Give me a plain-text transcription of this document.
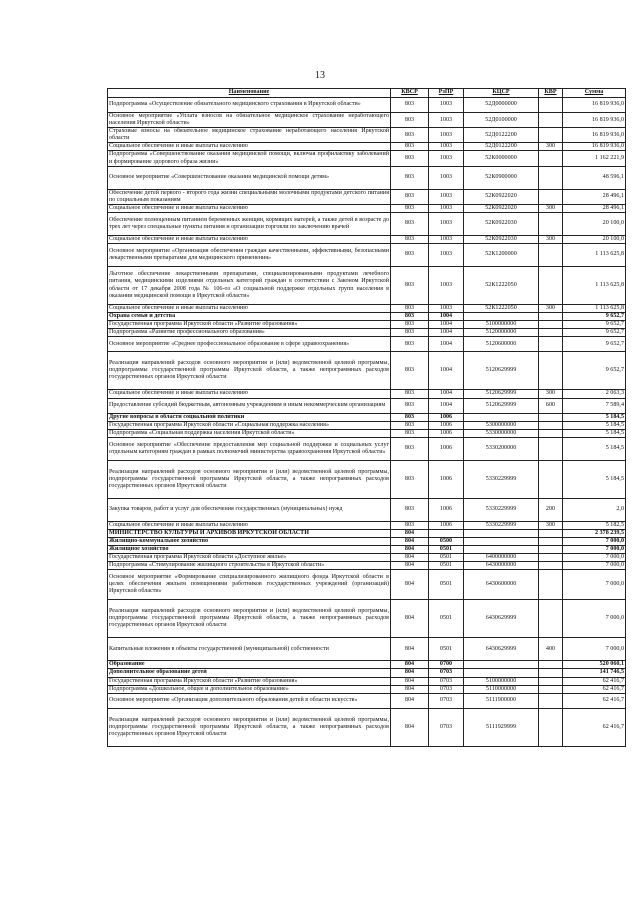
13
Наименование	КВСР	РзПР	КЦСР	КВР	Сумма
Подпрограмма «Осуществление обязательного медицинского страхования в Иркутской области»	803	1003	52Д0000000		16 819 936,0
Основное мероприятие «Уплата взносов на обязательное медицинское страхование неработающего населения Иркутской области»	803	1003	52Д0100000		16 819 936,0
Страховые взносы на обязательное медицинское страхование неработающего населения Иркутской области	803	1003	52Д0122200		16 819 936,0
Социальное обеспечение и иные выплаты населению	803	1003	52Д0122200	300	16 819 936,0
Подпрограмма «Совершенствование оказания медицинской помощи, включая профилактику заболеваний и формирование здорового образа жизни»	803	1003	52К0000000		1 162 221,9
Основное мероприятие «Совершенствование оказания медицинской помощи детям»	803	1003	52К0900000		48 596,1
Обеспечение детей первого - второго года жизни специальными молочными продуктами детского питания по социальным показаниям	803	1003	52К0922020		28 496,1
Социальное обеспечение и иные выплаты населению	803	1003	52К0922020	300	28 496,1
Обеспечение полноценным питанием беременных женщин, кормящих матерей, а также детей в возрасте до трех лет через специальные пункты питания и организации торговли по заключению врачей	803	1003	52К0922030		20 100,0
Социальное обеспечение и иные выплаты населению	803	1003	52К0922030	300	20 100,0
Основное мероприятие «Организация обеспечения граждан качественными, эффективными, безопасными лекарственными препаратами для медицинского применения»	803	1003	52К1200000		1 113 625,8
Льготное обеспечение лекарственными препаратами, специализированными продуктами лечебного питания, медицинскими изделиями отдельных категорий граждан в соответствии с Законом Иркутской области от 17 декабря 2008 года № 106-оз «О социальной поддержке отдельных групп населения в оказании медицинской помощи в Иркутской области»	803	1003	52К1222050		1 113 625,8
Социальное обеспечение и иные выплаты населению	803	1003	52К1222050	300	1 113 625,8
Охрана семьи и детства	803	1004			9 652,7
Государственная программа Иркутской области «Развитие образования»	803	1004	5100000000		9 652,7
Подпрограмма «Развитие профессионального образования»	803	1004	5120000000		9 652,7
Основное мероприятие «Среднее профессиональное образование в сфере здравоохранения»	803	1004	5120600000		9 652,7
Реализация направлений расходов основного мероприятия и (или) ведомственной целевой программы, подпрограммы государственной программы Иркутской области, а также непрограммных расходов государственных органов Иркутской области	803	1004	5120629999		9 652,7
Социальное обеспечение и иные выплаты населению	803	1004	5120629999	300	2 063,3
Предоставление субсидий бюджетным, автономным учреждениям и иным некоммерческим организациям	803	1004	5120629999	600	7 589,4
Другие вопросы в области социальной политики	803	1006			5 184,5
Государственная программа Иркутской области «Социальная поддержка населения»	803	1006	5300000000		5 184,5
Подпрограмма «Социальная поддержка населения Иркутской области»	803	1006	5330000000		5 184,5
Основное мероприятие «Обеспечение предоставления мер социальной поддержки и социальных услуг отдельным категориям граждан в рамках полномочий министерства здравоохранения Иркутской области»	803	1006	5330200000		5 184,5
Реализация направлений расходов основного мероприятия и (или) ведомственной целевой программы, подпрограммы государственной программы Иркутской области, а также непрограммных расходов государственных органов Иркутской области	803	1006	5330229999		5 184,5
Закупка товаров, работ и услуг для обеспечения государственных (муниципальных) нужд	803	1006	5330229999	200	2,0
Социальное обеспечение и иные выплаты населению	803	1006	5330229999	300	5 182,5
МИНИСТЕРСТВО КУЛЬТУРЫ И АРХИВОВ ИРКУТСКОЙ ОБЛАСТИ	804				2 378 239,5
Жилищно-коммунальное хозяйство	804	0500			7 000,0
Жилищное хозяйство	804	0501			7 000,0
Государственная программа Иркутской области «Доступное жилье»	804	0501	6400000000		7 000,0
Подпрограмма «Стимулирование жилищного строительства в Иркутской области»	804	0501	6430000000		7 000,0
Основное мероприятие «Формирование специализированного жилищного фонда Иркутской области в целях обеспечения жильем помещениями работников государственных учреждений (организаций) Иркутской области»	804	0501	6430600000		7 000,0
Реализация направлений расходов основного мероприятия и (или) ведомственной целевой программы, подпрограммы государственной программы Иркутской области, а также непрограммных расходов государственных органов Иркутской области	804	0501	6430629999		7 000,0
Капитальные вложения в объекты государственной (муниципальной) собственности	804	0501	6430629999	400	7 000,0
Образование	804	0700			520 060,1
Дополнительное образование детей	804	0703			141 746,5
Государственная программа Иркутской области «Развитие образования»	804	0703	5100000000		62 416,7
Подпрограмма «Дошкольное, общее и дополнительное образование»	804	0703	5110000000		62 416,7
Основное мероприятие «Организация дополнительного образования детей в области искусств»	804	0703	5111900000		62 416,7
Реализация направлений расходов основного мероприятия и (или) ведомственной целевой программы, подпрограммы государственной программы Иркутской области, а также непрограммных расходов государственных органов Иркутской области	804	0703	5111929999		62 416,7
